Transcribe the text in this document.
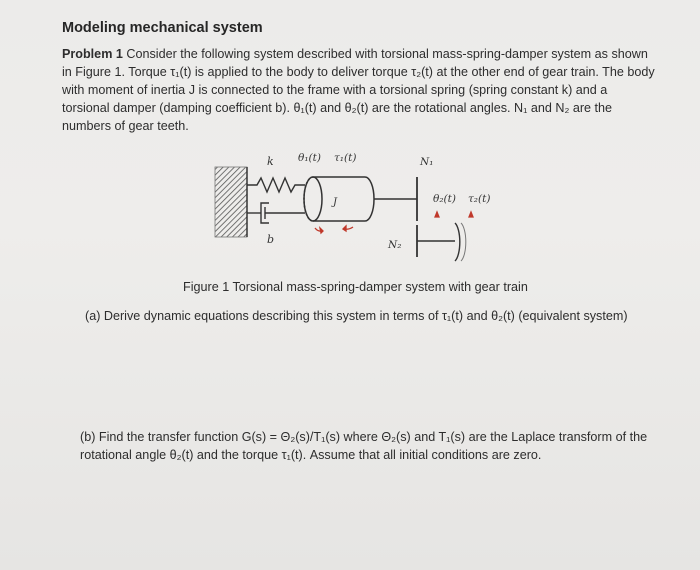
Modeling mechanical system
Problem 1 Consider the following system described with torsional mass-spring-damper system as shown in Figure 1. Torque τ₁(t) is applied to the body to deliver torque τ₂(t) at the other end of gear train. The body with moment of inertia J is connected to the frame with a torsional spring (spring constant k) and a torsional damper (damping coefficient b). θ₁(t) and θ₂(t) are the rotational angles. N₁ and N₂ are the numbers of gear teeth.
k
b
J
θ₁(t) τ₁(t)	N₁
θ₂(t) τ₂(t)
N₂
Figure 1 Torsional mass-spring-damper system with gear train
(a) Derive dynamic equations describing this system in terms of τ₁(t) and θ₂(t) (equivalent system)
(b) Find the transfer function G(s) = Θ₂(s)/T₁(s) where Θ₂(s) and T₁(s) are the Laplace transform of the rotational angle θ₂(t) and the torque τ₁(t). Assume that all initial conditions are zero.
